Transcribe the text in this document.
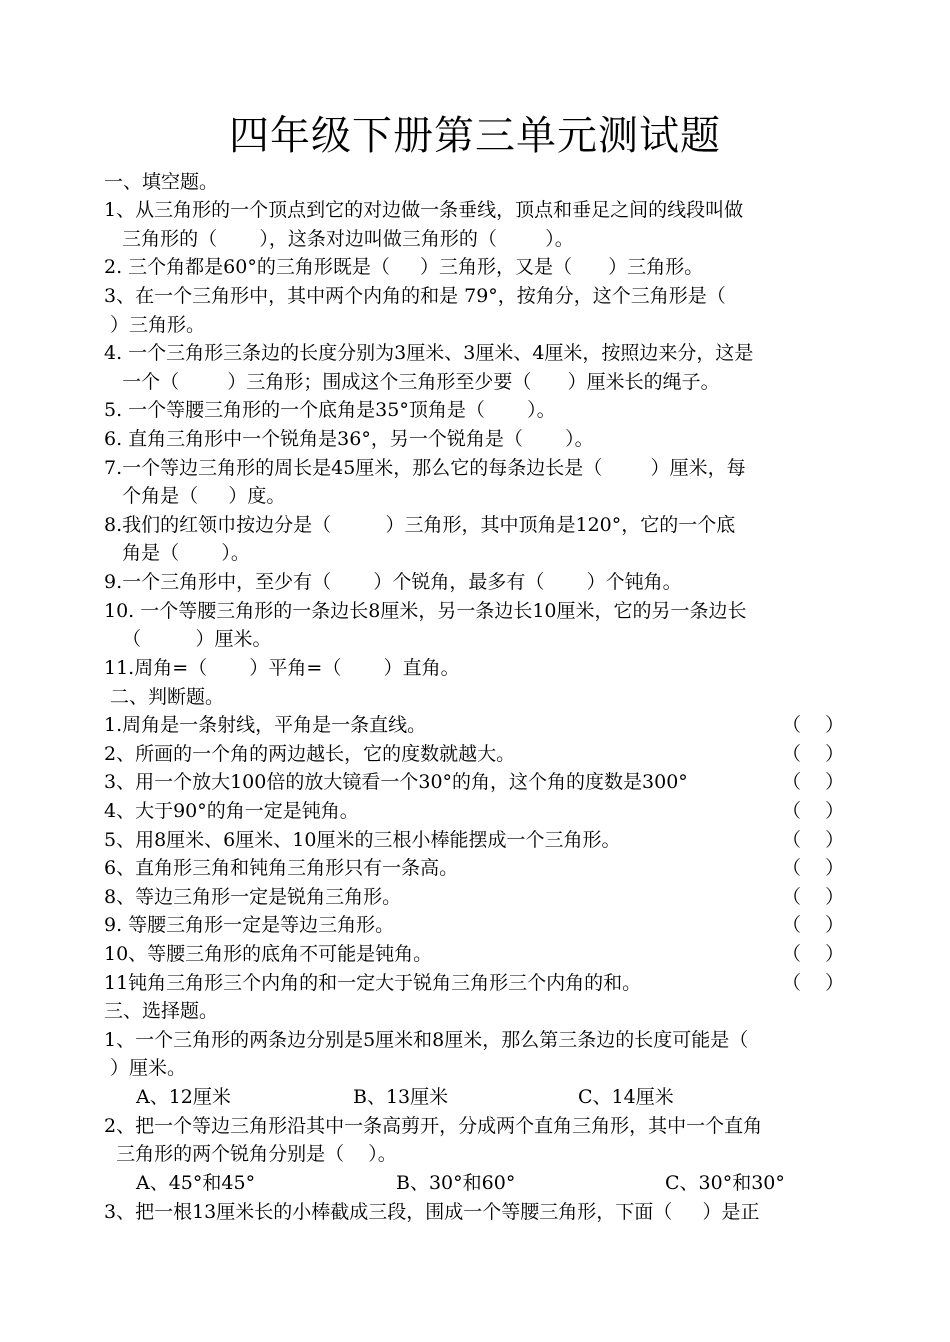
四年级下册第三单元测试题
一、填空题。
1、从三角形的一个顶点到它的对边做一条垂线，顶点和垂足之间的线段叫做
三角形的（       ），这条对边叫做三角形的（        ）。
2. 三个角都是60°的三角形既是（     ）三角形，又是（      ）三角形。
3、在一个三角形中，其中两个内角的和是 79°，按角分，这个三角形是（
）三角形。
4. 一个三角形三条边的长度分别为3厘米、3厘米、4厘米，按照边来分，这是
一个（        ）三角形；围成这个三角形至少要（      ）厘米长的绳子。
5. 一个等腰三角形的一个底角是35°顶角是（       ）。
6. 直角三角形中一个锐角是36°，另一个锐角是（       ）。
7.一个等边三角形的周长是45厘米，那么它的每条边长是（        ）厘米，每
个角是（     ）度。
8.我们的红领巾按边分是（         ）三角形，其中顶角是120°，它的一个底
角是（       ）。
9.一个三角形中，至少有（       ）个锐角，最多有（       ）个钝角。
10. 一个等腰三角形的一条边长8厘米，另一条边长10厘米，它的另一条边长
（         ）厘米。
11.周角=（       ）平角=（       ）直角。
二、判断题。
1.周角是一条射线，平角是一条直线。	（    ）
2、所画的一个角的两边越长，它的度数就越大。	（    ）
3、用一个放大100倍的放大镜看一个30°的角，这个角的度数是300°	（    ）
4、大于90°的角一定是钝角。	（    ）
5、用8厘米、6厘米、10厘米的三根小棒能摆成一个三角形。	（    ）
6、直角形三角和钝角三角形只有一条高。	（    ）
8、等边三角形一定是锐角三角形。	（    ）
9. 等腰三角形一定是等边三角形。	（    ）
10、等腰三角形的底角不可能是钝角。	（    ）
11钝角三角形三个内角的和一定大于锐角三角形三个内角的和。	（    ）
三、选择题。
1、一个三角形的两条边分别是5厘米和8厘米，那么第三条边的长度可能是（
）厘米。
A、12厘米	B、13厘米	C、14厘米
2、把一个等边三角形沿其中一条高剪开，分成两个直角三角形，其中一个直角
三角形的两个锐角分别是（    ）。
A、45°和45°	B、30°和60°	C、30°和30°
3、把一根13厘米长的小棒截成三段，围成一个等腰三角形，下面（     ）是正
